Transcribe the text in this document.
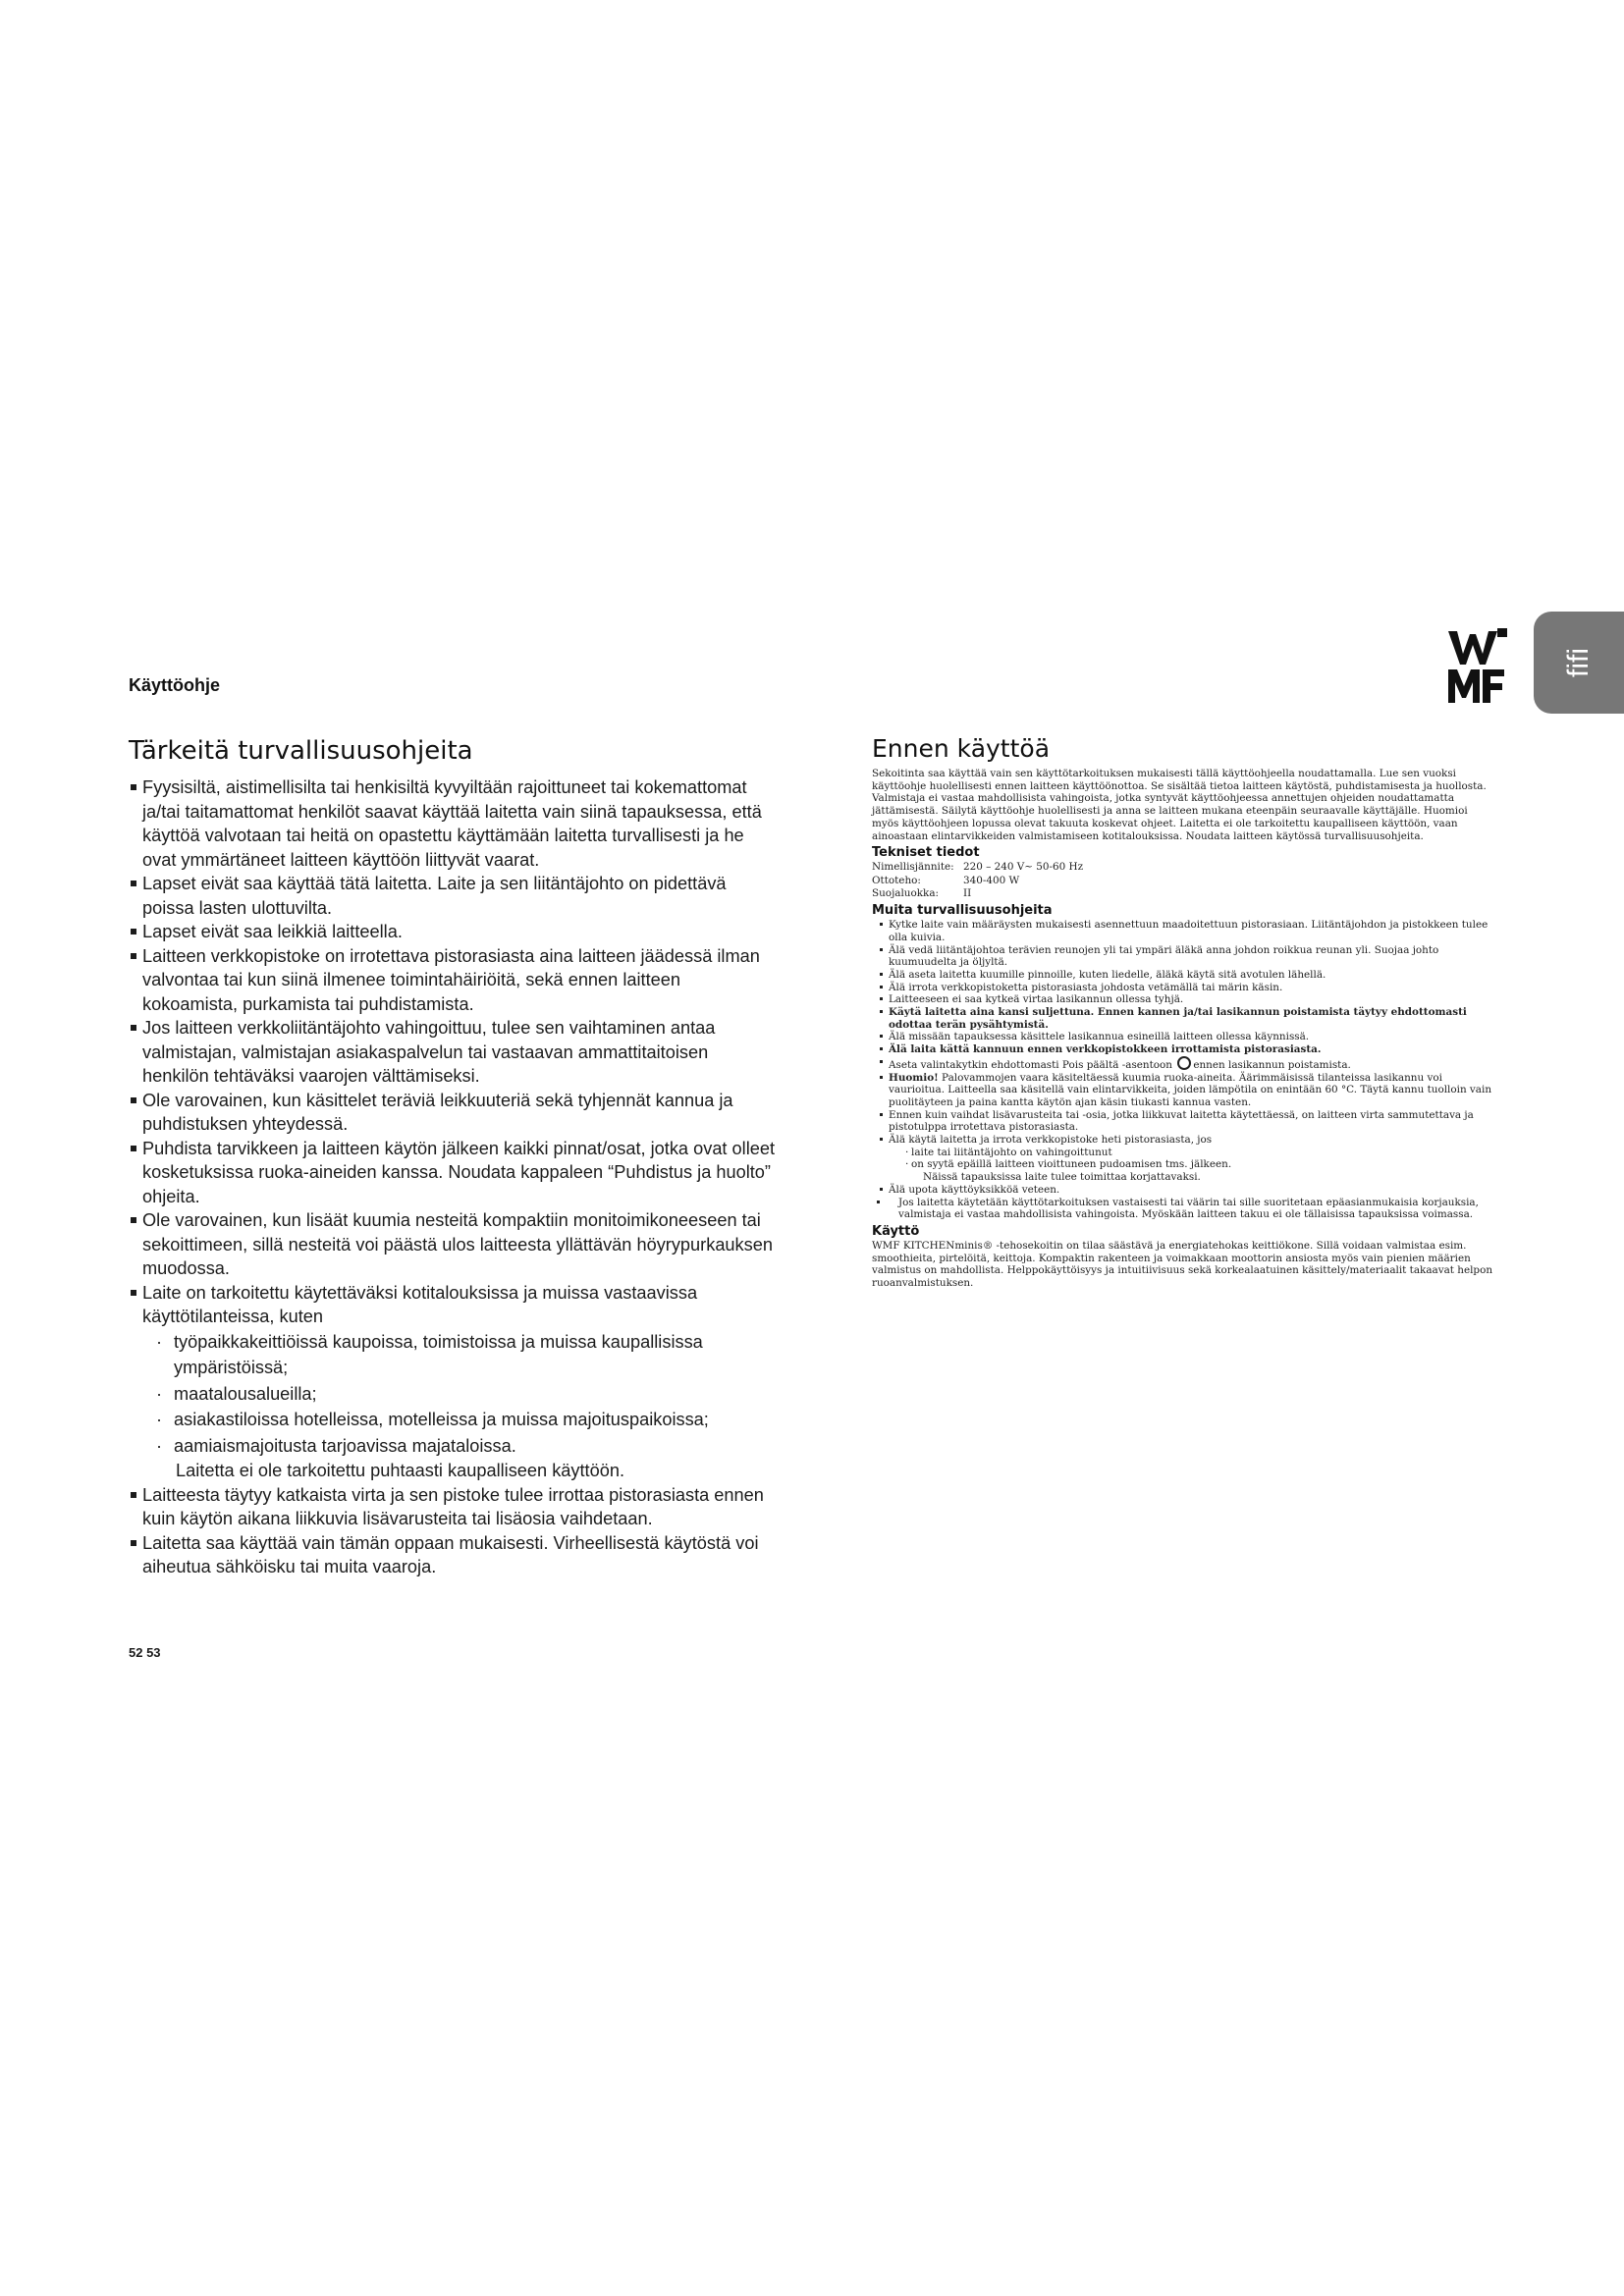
Käyttöohje
fifi
Tärkeitä turvallisuusohjeita
Fyysisiltä, aistimellisilta tai henkisiltä kyvyiltään rajoittuneet tai kokemattomat ja/tai taitamattomat henkilöt saavat käyttää laitetta vain siinä tapauksessa, että käyttöä valvotaan tai heitä on opastettu käyttämään laitetta turvallisesti ja he ovat ymmärtäneet laitteen käyttöön liittyvät vaarat.
Lapset eivät saa käyttää tätä laitetta. Laite ja sen liitäntäjohto on pidettävä poissa lasten ulottuvilta.
Lapset eivät saa leikkiä laitteella.
Laitteen verkkopistoke on irrotettava pistorasiasta aina laitteen jäädessä ilman valvontaa tai kun siinä ilmenee toimintahäiriöitä, sekä ennen laitteen kokoamista, purkamista tai puhdistamista.
Jos laitteen verkkoliitäntäjohto vahingoittuu, tulee sen vaihtaminen antaa valmistajan, valmistajan asiakaspalvelun tai vastaavan ammattitaitoisen henkilön tehtäväksi vaarojen välttämiseksi.
Ole varovainen, kun käsittelet teräviä leikkuuteriä sekä tyhjennät kannua ja puhdistuksen yhteydessä.
Puhdista tarvikkeen ja laitteen käytön jälkeen kaikki pinnat/osat, jotka ovat olleet kosketuksissa ruoka-aineiden kanssa. Noudata kappaleen “Puhdistus ja huolto” ohjeita.
Ole varovainen, kun lisäät kuumia nesteitä kompaktiin monitoimikoneeseen tai sekoittimeen, sillä nesteitä voi päästä ulos laitteesta yllättävän höyrypurkauksen muodossa.
Laite on tarkoitettu käytettäväksi kotitalouksissa ja muissa vastaavissa käyttötilanteissa, kuten
· työpaikkakeittiöissä kaupoissa, toimistoissa ja muissa kaupallisissa ympäristöissä;
· maatalousalueilla;
· asiakastiloissa hotelleissa, motelleissa ja muissa majoituspaikoissa;
· aamiaismajoitusta tarjoavissa majataloissa.
Laitetta ei ole tarkoitettu puhtaasti kaupalliseen käyttöön.
Laitteesta täytyy katkaista virta ja sen pistoke tulee irrottaa pistorasiasta ennen kuin käytön aikana liikkuvia lisävarusteita tai lisäosia vaihdetaan.
Laitetta saa käyttää vain tämän oppaan mukaisesti. Virheellisestä käytöstä voi aiheutua sähköisku tai muita vaaroja.
52 53
Ennen käyttöä

Sekoitinta saa käyttää vain sen käyttötarkoituksen mukaisesti tällä käyttöohjeella noudattamalla. Lue sen vuoksi käyttöohje huolellisesti ennen laitteen käyttöönottoa. Se sisältää tietoa laitteen käytöstä, puhdistamisesta ja huollosta. Valmistaja ei vastaa mahdollisista vahingoista, jotka syntyvät käyttöohjeessa annettujen ohjeiden noudattamatta jättämisestä. Säilytä käyttöohje huolellisesti ja anna se laitteen mukana eteenpäin seuraavalle käyttäjälle. Huomioi myös käyttöohjeen lopussa olevat takuuta koskevat ohjeet. Laitetta ei ole tarkoitettu kaupalliseen käyttöön, vaan ainoastaan elintarvikkeiden valmistamiseen kotitalouksissa. Noudata laitteen käytössä turvallisuusohjeita.

Tekniset tiedot
Nimellisjännite: 220 – 240 V~ 50-60 Hz
Ottoteho:	340-400 W
Suojaluokka: II
Muita turvallisuusohjeita
Kytke laite vain määräysten mukaisesti asennettuun maadoitettuun pistorasiaan. Liitäntäjohdon ja pistokkeen tulee olla kuivia.
Älä vedä liitäntäjohtoa terävien reunojen yli tai ympäri äläkä anna johdon roikkua reunan yli. Suojaa johto kuumuudelta ja öljyltä.
Älä aseta laitetta kuumille pinnoille, kuten liedelle, äläkä käytä sitä avotulen lähellä.
Älä irrota verkkopistoketta pistorasiasta johdosta vetämällä tai märin käsin.
Laitteeseen ei saa kytkeä virtaa lasikannun ollessa tyhjä.
Käytä laitetta aina kansi suljettuna. Ennen kannen ja/tai lasikannun poistamista täytyy ehdottomasti odottaa terän pysähtymistä.
Älä missään tapauksessa käsittele lasikannua esineillä laitteen ollessa käynnissä.
Älä laita kättä kannuun ennen verkkopistokkeen irrottamista pistorasiasta.
Aseta valintakytkin ehdottomasti Pois päältä -asentoon ennen lasikannun poistamista.
Huomio! Palovammojen vaara käsiteltäessä kuumia ruoka-aineita. Äärimmäisissä tilanteissa lasikannu voi vaurioitua. Laitteella saa käsitellä vain elintarvikkeita, joiden lämpötila on enintään 60 °C. Täytä kannu tuolloin vain puolitäyteen ja paina kantta käytön ajan käsin tiukasti kannua vasten.
Ennen kuin vaihdat lisävarusteita tai -osia, jotka liikkuvat laitetta käytettäessä, on laitteen virta sammutettava ja pistotulppa irrotettava pistorasiasta.
Älä käytä laitetta ja irrota verkkopistoke heti pistorasiasta, jos
· laite tai liitäntäjohto on vahingoittunut
· on syytä epäillä laitteen vioittuneen pudoamisen tms. jälkeen.
Näissä tapauksissa laite tulee toimittaa korjattavaksi.
Älä upota käyttöyksikköä veteen.
Jos laitetta käytetään käyttötarkoituksen vastaisesti tai väärin tai sille suoritetaan epäasianmukaisia korjauksia, valmistaja ei vastaa mahdollisista vahingoista. Myöskään laitteen takuu ei ole tällaisissa tapauksissa voimassa.
Käyttö

WMF KITCHENminis® -tehosekoitin on tilaa säästävä ja energiatehokas keittiökone. Sillä voidaan valmistaa esim. smoothieita, pirtelöitä, keittoja. Kompaktin rakenteen ja voimakkaan moottorin ansiosta myös vain pienien määrien valmistus on mahdollista. Helppokäyttöisyys ja intuitiivisuus sekä korkealaatuinen käsittely/materiaalit takaavat helpon ruoanvalmistuksen.
